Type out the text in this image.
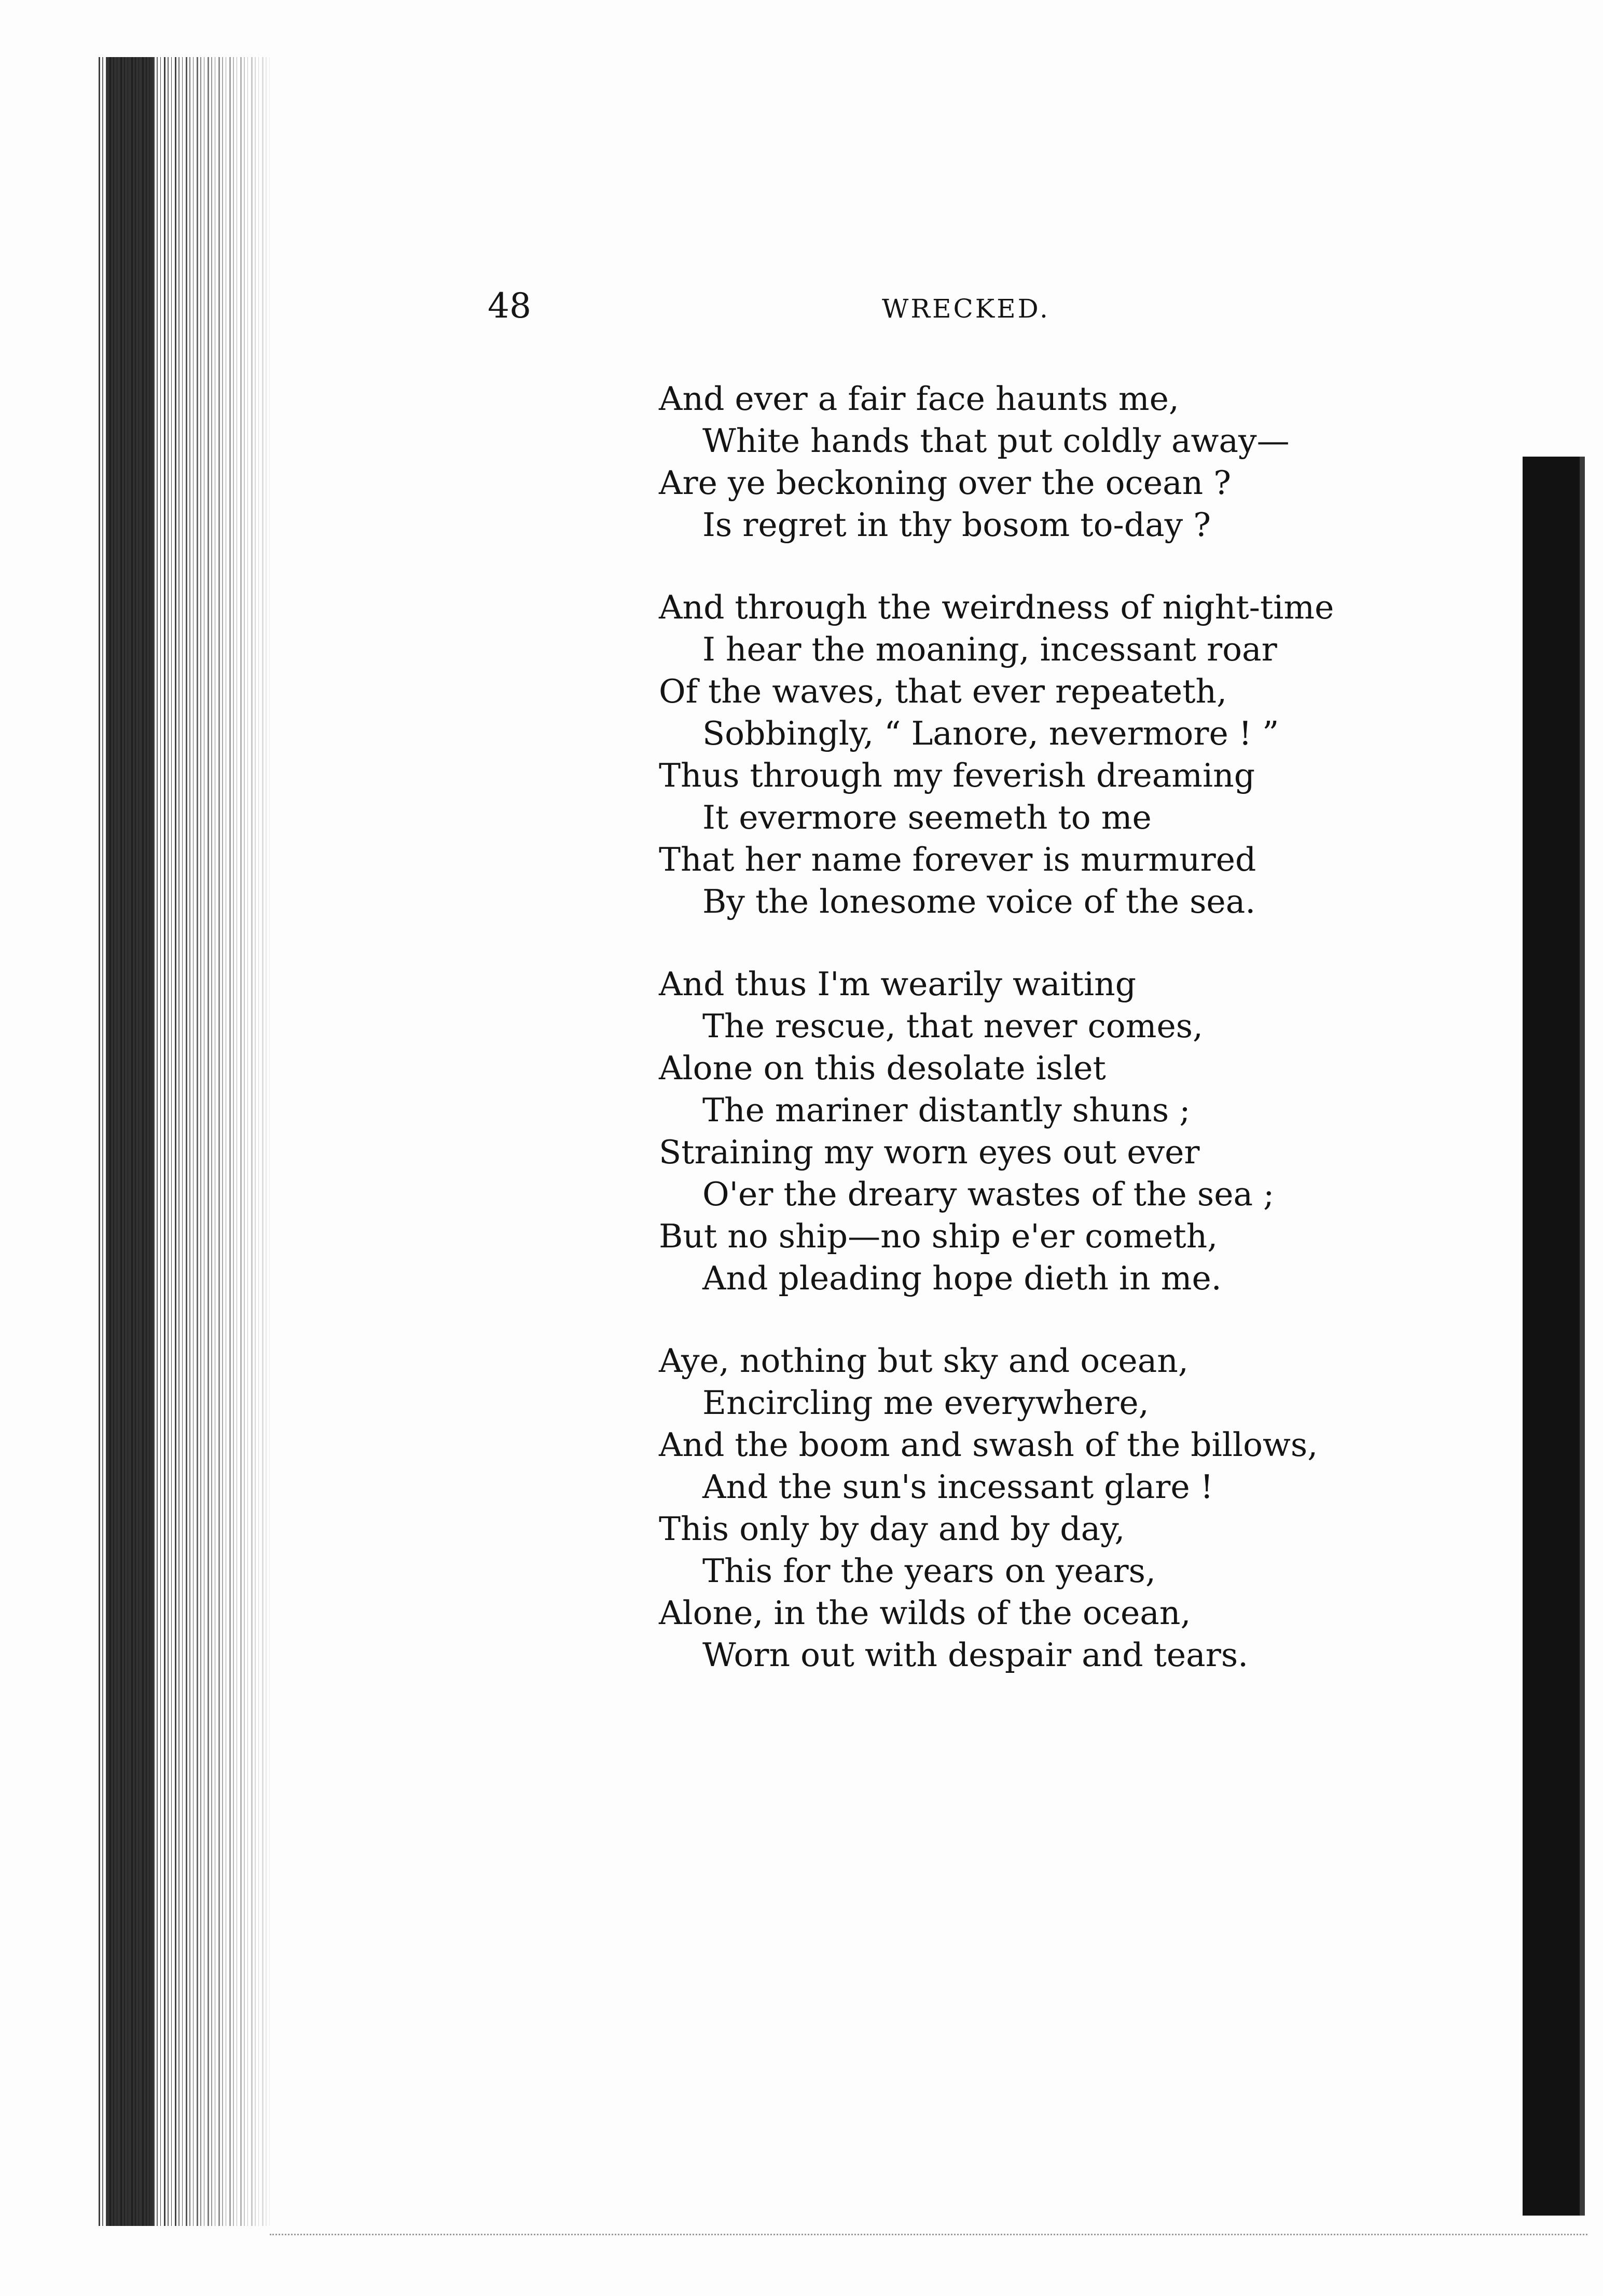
48	WRECKED.
And ever a fair face haunts me,
White hands that put coldly away—
Are ye beckoning over the ocean ?
Is regret in thy bosom to-day ?
And through the weirdness of night-time
I hear the moaning, incessant roar
Of the waves, that ever repeateth,
Sobbingly, “ Lanore, nevermore ! ”
Thus through my feverish dreaming
It evermore seemeth to me
That her name forever is murmured
By the lonesome voice of the sea.
And thus I'm wearily waiting
The rescue, that never comes,
Alone on this desolate islet
The mariner distantly shuns ;
Straining my worn eyes out ever
O'er the dreary wastes of the sea ;
But no ship—no ship e'er cometh,
And pleading hope dieth in me.
Aye, nothing but sky and ocean,
Encircling me everywhere,
And the boom and swash of the billows,
And the sun's incessant glare !
This only by day and by day,
This for the years on years,
Alone, in the wilds of the ocean,
Worn out with despair and tears.
